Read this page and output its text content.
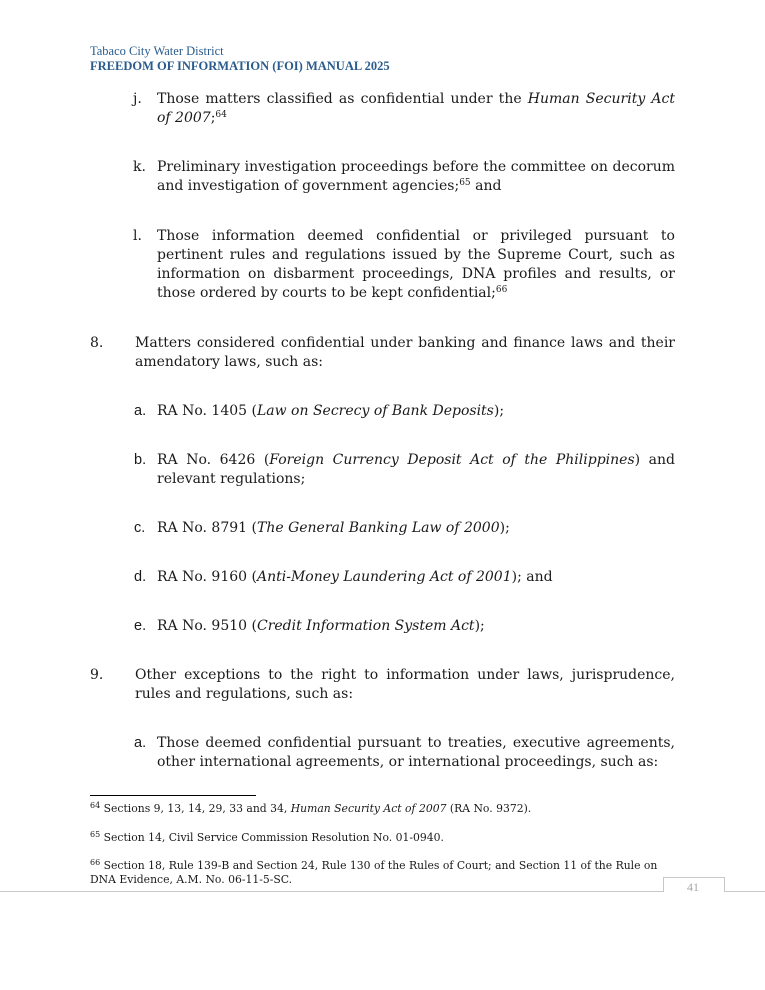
Tabaco City Water District
FREEDOM OF INFORMATION (FOI) MANUAL 2025
j. Those matters classified as confidential under the Human Security Act of 2007;$^{64}$
k. Preliminary investigation proceedings before the committee on decorum and investigation of government agencies;$^{65}$ and
l. Those information deemed confidential or privileged pursuant to pertinent rules and regulations issued by the Supreme Court, such as information on disbarment proceedings, DNA profiles and results, or those ordered by courts to be kept confidential;$^{66}$
8. Matters considered confidential under banking and finance laws and their amendatory laws, such as:
a. RA No. 1405 (Law on Secrecy of Bank Deposits);
b. RA No. 6426 (Foreign Currency Deposit Act of the Philippines) and relevant regulations;
c. RA No. 8791 (The General Banking Law of 2000);
d. RA No. 9160 (Anti-Money Laundering Act of 2001); and
e. RA No. 9510 (Credit Information System Act);
9. Other exceptions to the right to information under laws, jurisprudence, rules and regulations, such as:
a. Those deemed confidential pursuant to treaties, executive agreements, other international agreements, or international proceedings, such as:
$^{64}$ Sections 9, 13, 14, 29, 33 and 34, Human Security Act of 2007 (RA No. 9372).
$^{65}$ Section 14, Civil Service Commission Resolution No. 01-0940.
$^{66}$ Section 18, Rule 139-B and Section 24, Rule 130 of the Rules of Court; and Section 11 of the Rule on DNA Evidence, A.M. No. 06-11-5-SC.
41
